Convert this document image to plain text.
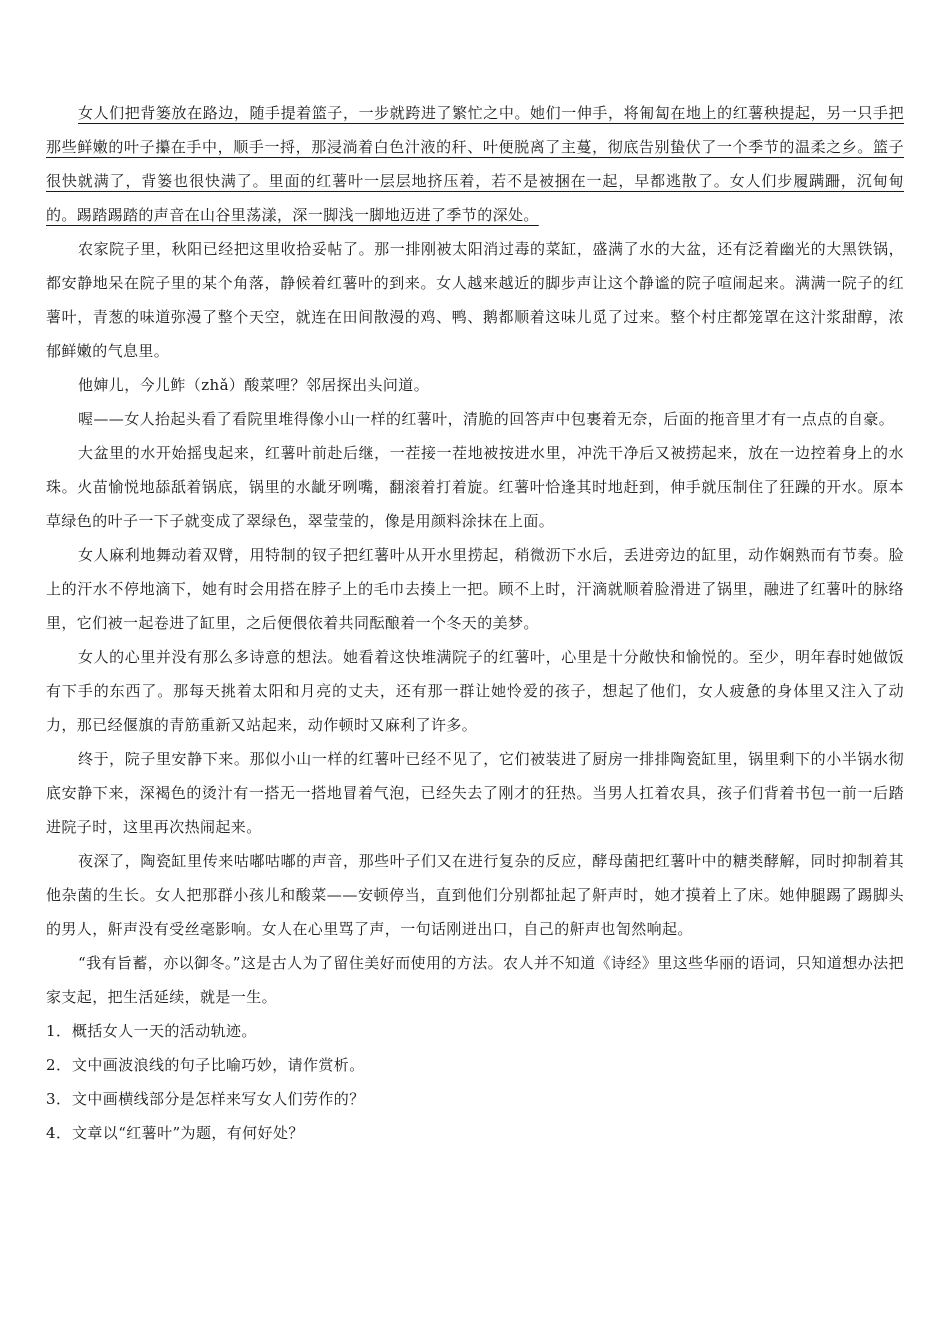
女人们把背篓放在路边，随手提着篮子，一步就跨进了繁忙之中。她们一伸手，将匍匐在地上的红薯秧提起，另一只手把那些鲜嫩的叶子攥在手中，顺手一捋，那浸淌着白色汁液的秆、叶便脱离了主蔓，彻底告别蛰伏了一个季节的温柔之乡。篮子很快就满了，背篓也很快满了。里面的红薯叶一层层地挤压着，若不是被捆在一起，早都逃散了。女人们步履蹒跚，沉甸甸的。踢踏踢踏的声音在山谷里荡漾，深一脚浅一脚地迈进了季节的深处。

农家院子里，秋阳已经把这里收拾妥帖了。那一排刚被太阳消过毒的菜缸，盛满了水的大盆，还有泛着幽光的大黑铁锅，都安静地呆在院子里的某个角落，静候着红薯叶的到来。女人越来越近的脚步声让这个静谧的院子喧闹起来。满满一院子的红薯叶，青葱的味道弥漫了整个天空，就连在田间散漫的鸡、鸭、鹅都顺着这味儿觅了过来。整个村庄都笼罩在这汁浆甜醇，浓郁鲜嫩的气息里。

他婶儿，今儿鲊（zhǎ）酸菜哩？邻居探出头问道。

喔——女人抬起头看了看院里堆得像小山一样的红薯叶，清脆的回答声中包裹着无奈，后面的拖音里才有一点点的自豪。

大盆里的水开始摇曳起来，红薯叶前赴后继，一茬接一茬地被按进水里，冲洗干净后又被捞起来，放在一边控着身上的水珠。火苗愉悦地舔舐着锅底，锅里的水龇牙咧嘴，翻滚着打着旋。红薯叶恰逢其时地赶到，伸手就压制住了狂躁的开水。原本草绿色的叶子一下子就变成了翠绿色，翠莹莹的，像是用颜料涂抹在上面。

女人麻利地舞动着双臂，用特制的钗子把红薯叶从开水里捞起，稍微沥下水后，丢进旁边的缸里，动作娴熟而有节奏。脸上的汗水不停地滴下，她有时会用搭在脖子上的毛巾去揍上一把。顾不上时，汗滴就顺着脸滑进了锅里，融进了红薯叶的脉络里，它们被一起卷进了缸里，之后便偎依着共同酝酿着一个冬天的美梦。

女人的心里并没有那么多诗意的想法。她看着这快堆满院子的红薯叶，心里是十分敞快和愉悦的。至少，明年春时她做饭有下手的东西了。那每天挑着太阳和月亮的丈夫，还有那一群让她怜爱的孩子，想起了他们，女人疲惫的身体里又注入了动力，那已经偃旗的青筋重新又站起来，动作顿时又麻利了许多。

终于，院子里安静下来。那似小山一样的红薯叶已经不见了，它们被装进了厨房一排排陶瓷缸里，锅里剩下的小半锅水彻底安静下来，深褐色的烫汁有一搭无一搭地冒着气泡，已经失去了刚才的狂热。当男人扛着农具，孩子们背着书包一前一后踏进院子时，这里再次热闹起来。

夜深了，陶瓷缸里传来咕嘟咕嘟的声音，那些叶子们又在进行复杂的反应，酵母菌把红薯叶中的糖类酵解，同时抑制着其他杂菌的生长。女人把那群小孩儿和酸菜——安顿停当，直到他们分别都扯起了鼾声时，她才摸着上了床。她伸腿踢了踢脚头的男人，鼾声没有受丝毫影响。女人在心里骂了声，一句话刚迸出口，自己的鼾声也訇然响起。

“我有旨蓄，亦以御冬。”这是古人为了留住美好而使用的方法。农人并不知道《诗经》里这些华丽的语词，只知道想办法把家支起，把生活延续，就是一生。

1．概括女人一天的活动轨迹。

2．文中画波浪线的句子比喻巧妙，请作赏析。

3．文中画横线部分是怎样来写女人们劳作的？

4．文章以“红薯叶”为题，有何好处？
